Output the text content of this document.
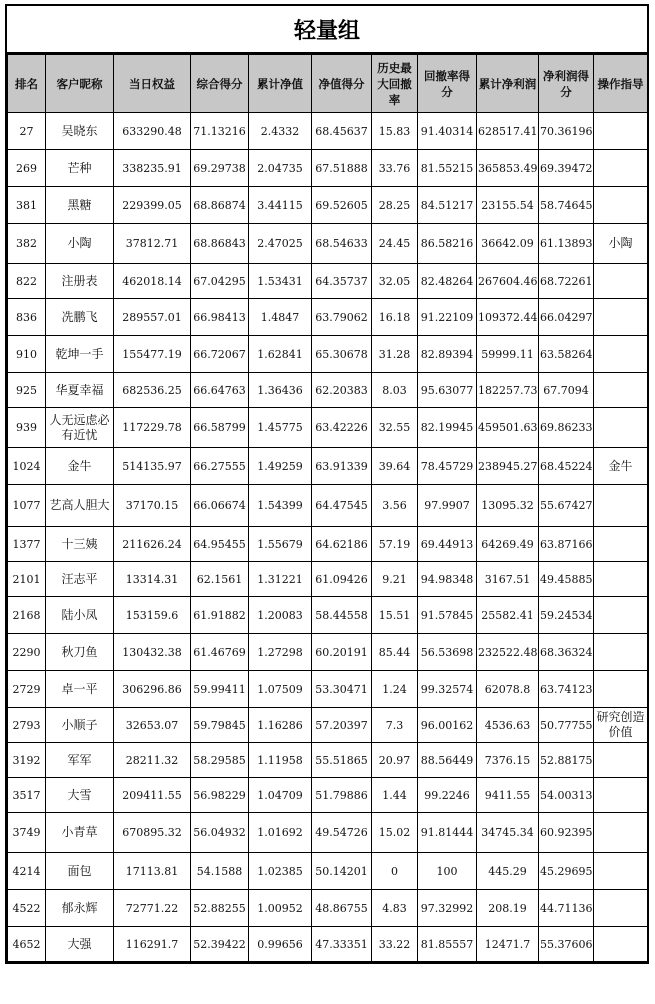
轻量组
排名	客户昵称	当日权益	综合得分	累计净值	净值得分	历史最大回撤率	回撤率得分	累计净利润	净利润得分	操作指导
27	吴晓东	633290.48	71.13216	2.4332	68.45637	15.83	91.40314	628517.41	70.36196	
269	芒种	338235.91	69.29738	2.04735	67.51888	33.76	81.55215	365853.49	69.39472	
381	黑糖	229399.05	68.86874	3.44115	69.52605	28.25	84.51217	23155.54	58.74645	
382	小陶	37812.71	68.86843	2.47025	68.54633	24.45	86.58216	36642.09	61.13893	小陶
822	注册表	462018.14	67.04295	1.53431	64.35737	32.05	82.48264	267604.46	68.72261	
836	冼鹏飞	289557.01	66.98413	1.4847	63.79062	16.18	91.22109	109372.44	66.04297	
910	乾坤一手	155477.19	66.72067	1.62841	65.30678	31.28	82.89394	59999.11	63.58264	
925	华夏幸福	682536.25	66.64763	1.36436	62.20383	8.03	95.63077	182257.73	67.7094	
939	人无远虑必有近忧	117229.78	66.58799	1.45775	63.42226	32.55	82.19945	459501.63	69.86233	
1024	金牛	514135.97	66.27555	1.49259	63.91339	39.64	78.45729	238945.27	68.45224	金牛
1077	艺高人胆大	37170.15	66.06674	1.54399	64.47545	3.56	97.9907	13095.32	55.67427	
1377	十三姨	211626.24	64.95455	1.55679	64.62186	57.19	69.44913	64269.49	63.87166	
2101	汪志平	13314.31	62.1561	1.31221	61.09426	9.21	94.98348	3167.51	49.45885	
2168	陆小凤	153159.6	61.91882	1.20083	58.44558	15.51	91.57845	25582.41	59.24534	
2290	秋刀鱼	130432.38	61.46769	1.27298	60.20191	85.44	56.53698	232522.48	68.36324	
2729	卓一平	306296.86	59.99411	1.07509	53.30471	1.24	99.32574	62078.8	63.74123	
2793	小顺子	32653.07	59.79845	1.16286	57.20397	7.3	96.00162	4536.63	50.77755	研究创造价值
3192	军军	28211.32	58.29585	1.11958	55.51865	20.97	88.56449	7376.15	52.88175	
3517	大雪	209411.55	56.98229	1.04709	51.79886	1.44	99.2246	9411.55	54.00313	
3749	小青草	670895.32	56.04932	1.01692	49.54726	15.02	91.81444	34745.34	60.92395	
4214	面包	17113.81	54.1588	1.02385	50.14201	0	100	445.29	45.29695	
4522	郁永辉	72771.22	52.88255	1.00952	48.86755	4.83	97.32992	208.19	44.71136	
4652	大强	116291.7	52.39422	0.99656	47.33351	33.22	81.85557	12471.7	55.37606	
